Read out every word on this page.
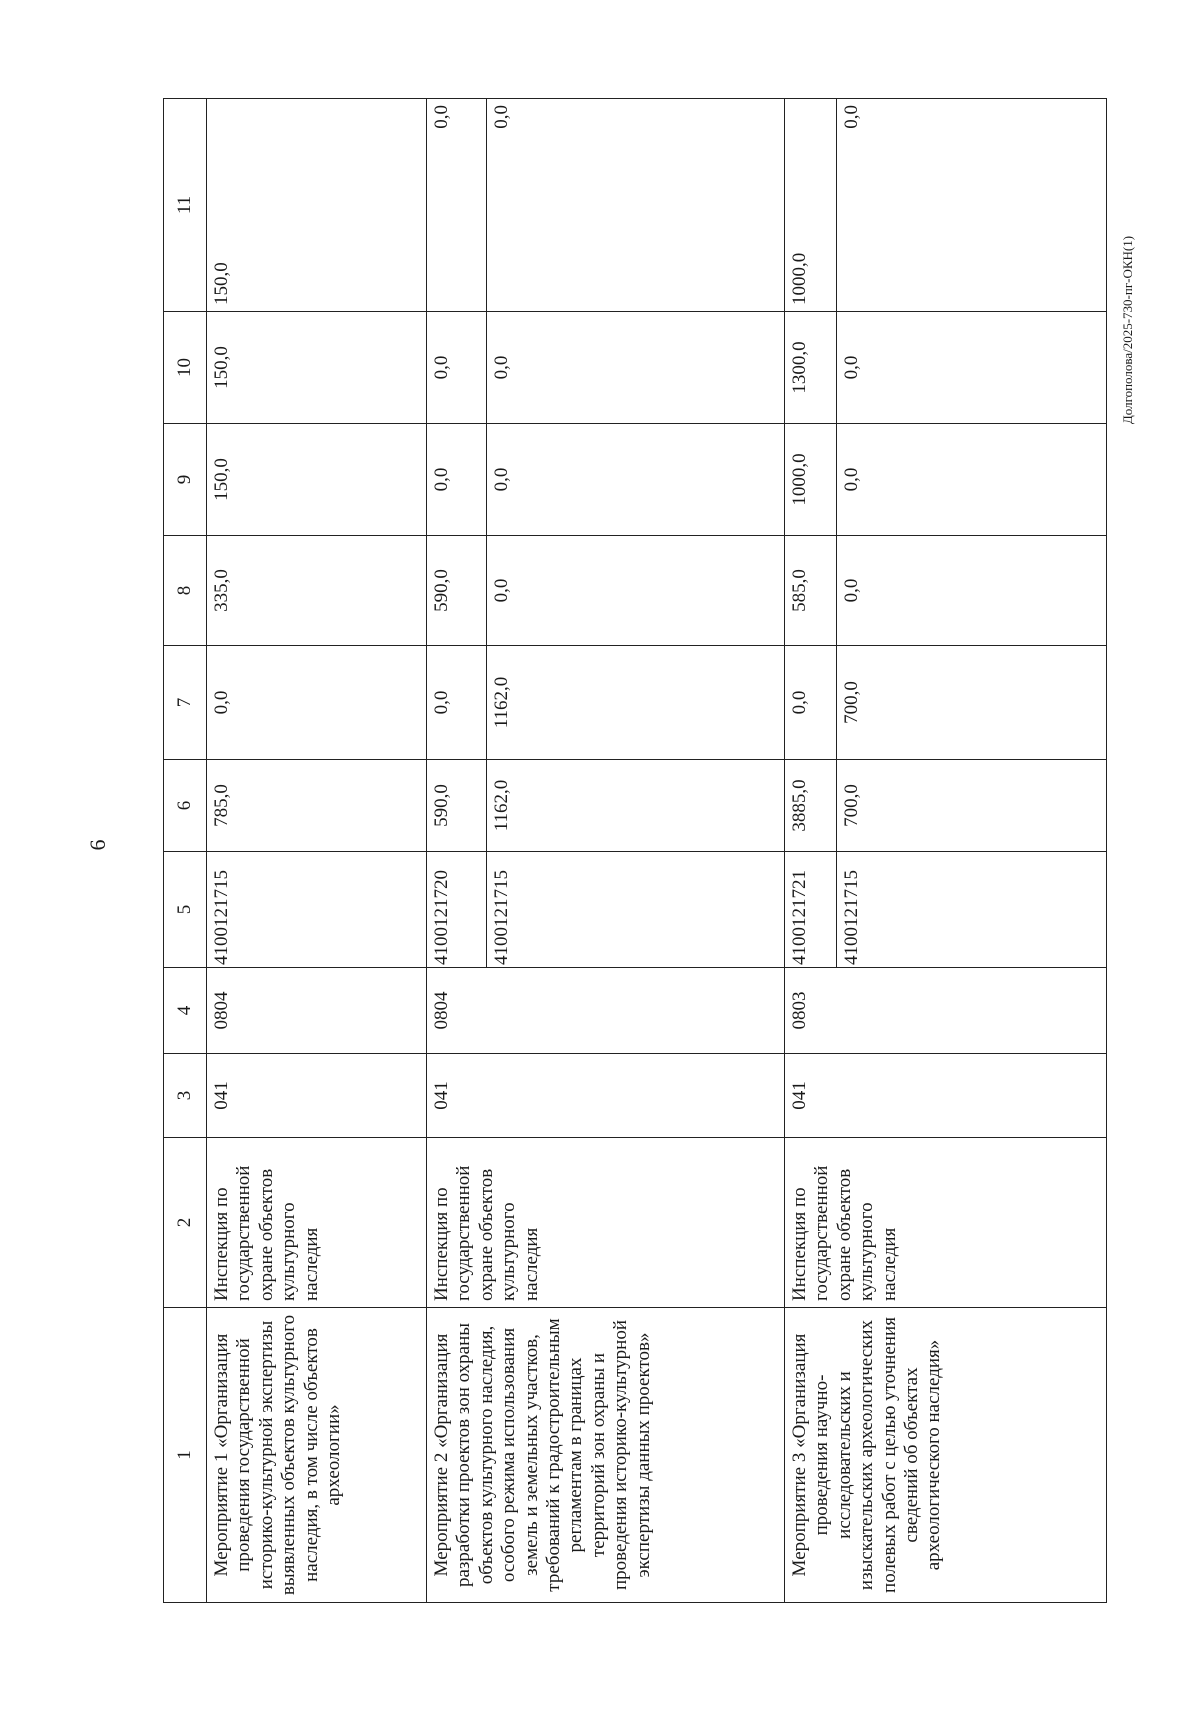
6
Долгополова/2025-730-пг-ОКН(1)
1	2	3	4	5	6	7	8	9	10	11
Мероприятие 1 «Организация проведения государственной историко-культурной экспертизы выявленных объектов культурного наследия, в том числе объектов археологии»	Инспекция по государственной охране объектов культурного наследия	041	0804	4100121715	785,0	0,0	335,0	150,0	150,0	150,0
Мероприятие 2 «Организация разработки проектов зон охраны объектов культурного наследия, особого режима использования земель и земельных участков, требований к градостроительным регламентам в границах территорий зон охраны и проведения историко-культурной экспертизы данных проектов»	Инспекция по государственной охране объектов культурного наследия	041	0804	4100121720	590,0	0,0	590,0	0,0	0,0	0,0
				4100121715	1162,0	1162,0	0,0	0,0	0,0	0,0
Мероприятие 3 «Организация проведения научно-исследовательских и изыскательских археологических полевых работ с целью уточнения сведений об объектах археологического наследия»	Инспекция по государственной охране объектов культурного наследия	041	0803	4100121721	3885,0	0,0	585,0	1000,0	1300,0	1000,0
				4100121715	700,0	700,0	0,0	0,0	0,0	0,0
